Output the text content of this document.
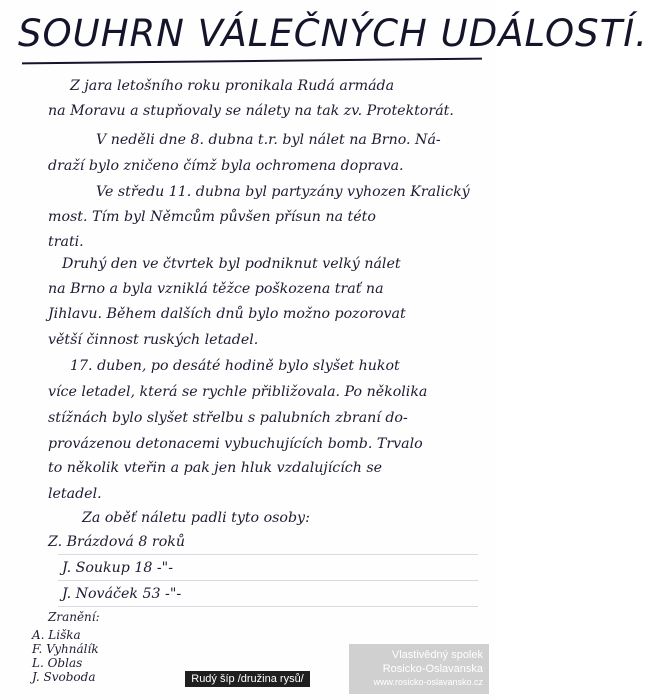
SOUHRN VÁLEČNÝCH UDÁLOSTÍ.
Z jara letošního roku pronikala Rudá armáda
na Moravu a stupňovaly se nálety na tak zv. Protektorát.
V neděli dne 8. dubna t.r. byl nálet na Brno. Ná-
draží bylo zničeno čímž byla ochromena doprava.
Ve středu 11. dubna byl partyzány vyhozen Kralický
most. Tím byl Němcům půvšen přísun na této
trati.
Druhý den ve čtvrtek byl podniknut velký nálet
na Brno a byla vzniklá těžce poškozena trať na
Jihlavu. Během dalších dnů bylo možno pozorovat
větší činnost ruských letadel.
17. duben, po desáté hodině bylo slyšet hukot
více letadel, která se rychle přibližovala. Po několika
stížnách bylo slyšet střelbu s palubních zbraní do-
provázenou detonacemi vybuchujících bomb. Trvalo
to několik vteřin a pak jen hluk vzdalujících se
letadel.
Za oběť náletu padli tyto osoby:
Z. Brázdová 8 roků
J. Soukup 18 -"-
J. Nováček 53 -"-
Zranění:
A. Liška
F. Vyhnálík
L. Oblas
J. Svoboda	Rudý šíp /družina rysů/
Vlastivědný spolek
Rosicko-Oslavanska
www.rosicko-oslavansko.cz
